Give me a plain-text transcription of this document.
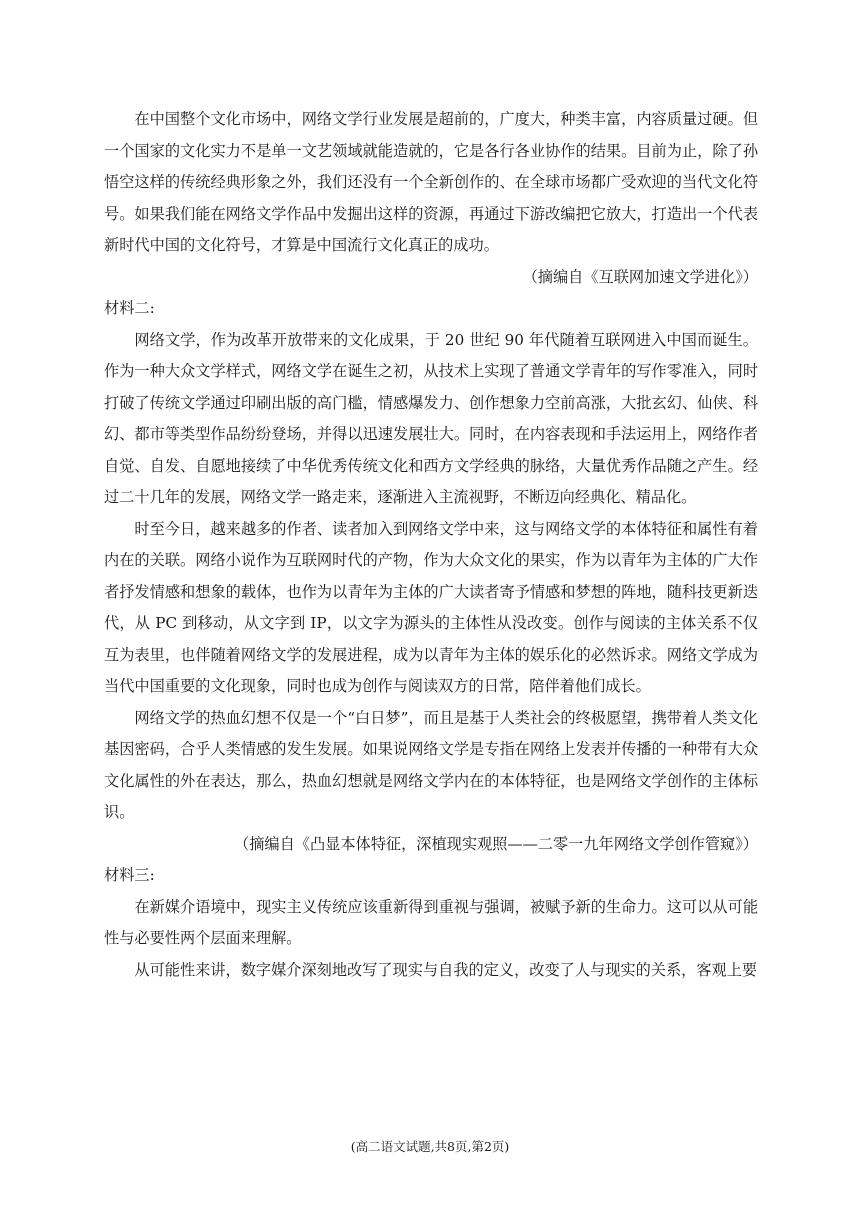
在中国整个文化市场中，网络文学行业发展是超前的，广度大，种类丰富，内容质量过硬。但一个国家的文化实力不是单一文艺领域就能造就的，它是各行各业协作的结果。目前为止，除了孙悟空这样的传统经典形象之外，我们还没有一个全新创作的、在全球市场都广受欢迎的当代文化符号。如果我们能在网络文学作品中发掘出这样的资源，再通过下游改编把它放大，打造出一个代表新时代中国的文化符号，才算是中国流行文化真正的成功。

（摘编自《互联网加速文学进化》）

材料二:

网络文学，作为改革开放带来的文化成果，于 20 世纪 90 年代随着互联网进入中国而诞生。作为一种大众文学样式，网络文学在诞生之初，从技术上实现了普通文学青年的写作零准入，同时打破了传统文学通过印刷出版的高门槛，情感爆发力、创作想象力空前高涨，大批玄幻、仙侠、科幻、都市等类型作品纷纷登场，并得以迅速发展壮大。同时，在内容表现和手法运用上，网络作者自觉、自发、自愿地接续了中华优秀传统文化和西方文学经典的脉络，大量优秀作品随之产生。经过二十几年的发展，网络文学一路走来，逐渐进入主流视野，不断迈向经典化、精品化。

时至今日，越来越多的作者、读者加入到网络文学中来，这与网络文学的本体特征和属性有着内在的关联。网络小说作为互联网时代的产物，作为大众文化的果实，作为以青年为主体的广大作者抒发情感和想象的载体，也作为以青年为主体的广大读者寄予情感和梦想的阵地，随科技更新迭代，从 PC 到移动，从文字到 IP，以文字为源头的主体性从没改变。创作与阅读的主体关系不仅互为表里，也伴随着网络文学的发展进程，成为以青年为主体的娱乐化的必然诉求。网络文学成为当代中国重要的文化现象，同时也成为创作与阅读双方的日常，陪伴着他们成长。

网络文学的热血幻想不仅是一个“白日梦”，而且是基于人类社会的终极愿望，携带着人类文化基因密码，合乎人类情感的发生发展。如果说网络文学是专指在网络上发表并传播的一种带有大众文化属性的外在表达，那么，热血幻想就是网络文学内在的本体特征，也是网络文学创作的主体标识。

（摘编自《凸显本体特征，深植现实观照——二零一九年网络文学创作管窥》）

材料三:

在新媒介语境中，现实主义传统应该重新得到重视与强调，被赋予新的生命力。这可以从可能性与必要性两个层面来理解。

从可能性来讲，数字媒介深刻地改写了现实与自我的定义，改变了人与现实的关系，客观上要

(高二语文试题,共8页,第2页)
